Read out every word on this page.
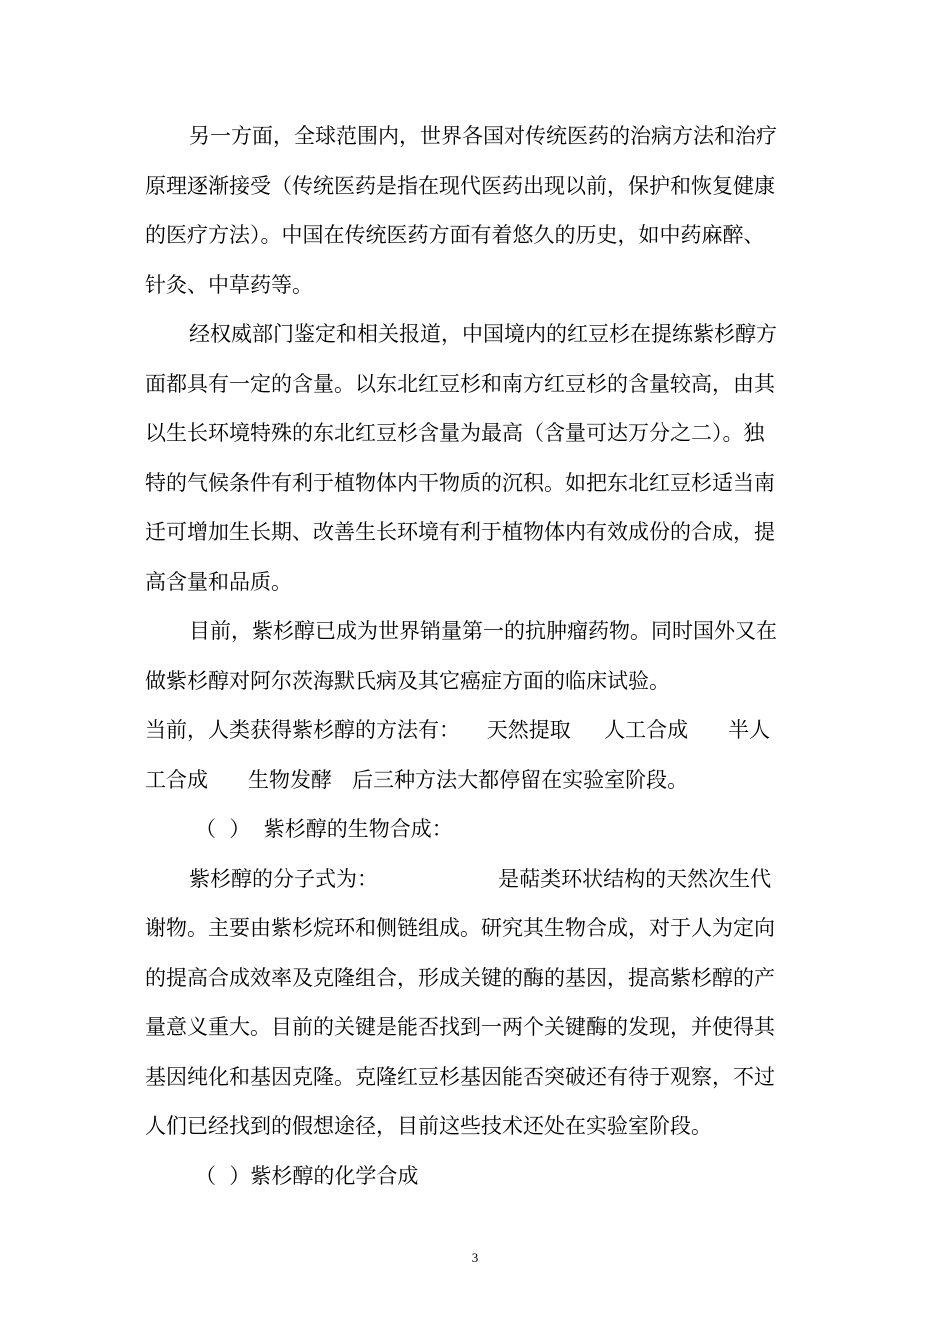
另一方面，全球范围内，世界各国对传统医药的治病方法和治疗
原理逐渐接受（传统医药是指在现代医药出现以前，保护和恢复健康
的医疗方法）。中国在传统医药方面有着悠久的历史，如中药麻醉、
针灸、中草药等。
经权威部门鉴定和相关报道，中国境内的红豆杉在提练紫杉醇方
面都具有一定的含量。以东北红豆杉和南方红豆杉的含量较高，由其
以生长环境特殊的东北红豆杉含量为最高（含量可达万分之二）。独
特的气候条件有利于植物体内干物质的沉积。如把东北红豆杉适当南
迁可增加生长期、改善生长环境有利于植物体内有效成份的合成，提
高含量和品质。
目前，紫杉醇已成为世界销量第一的抗肿瘤药物。同时国外又在
做紫杉醇对阿尔茨海默氏病及其它癌症方面的临床试验。
当前，人类获得紫杉醇的方法有：    天然提取     人工合成      半人
工合成      生物发酵   后三种方法大都停留在实验室阶段。
（  ）  紫杉醇的生物合成：
紫杉醇的分子式为：                  是萜类环状结构的天然次生代
谢物。主要由紫杉烷环和侧链组成。研究其生物合成，对于人为定向
的提高合成效率及克隆组合，形成关键的酶的基因，提高紫杉醇的产
量意义重大。目前的关键是能否找到一两个关键酶的发现，并使得其
基因纯化和基因克隆。克隆红豆杉基因能否突破还有待于观察，不过
人们已经找到的假想途径，目前这些技术还处在实验室阶段。
（  ）紫杉醇的化学合成
3
